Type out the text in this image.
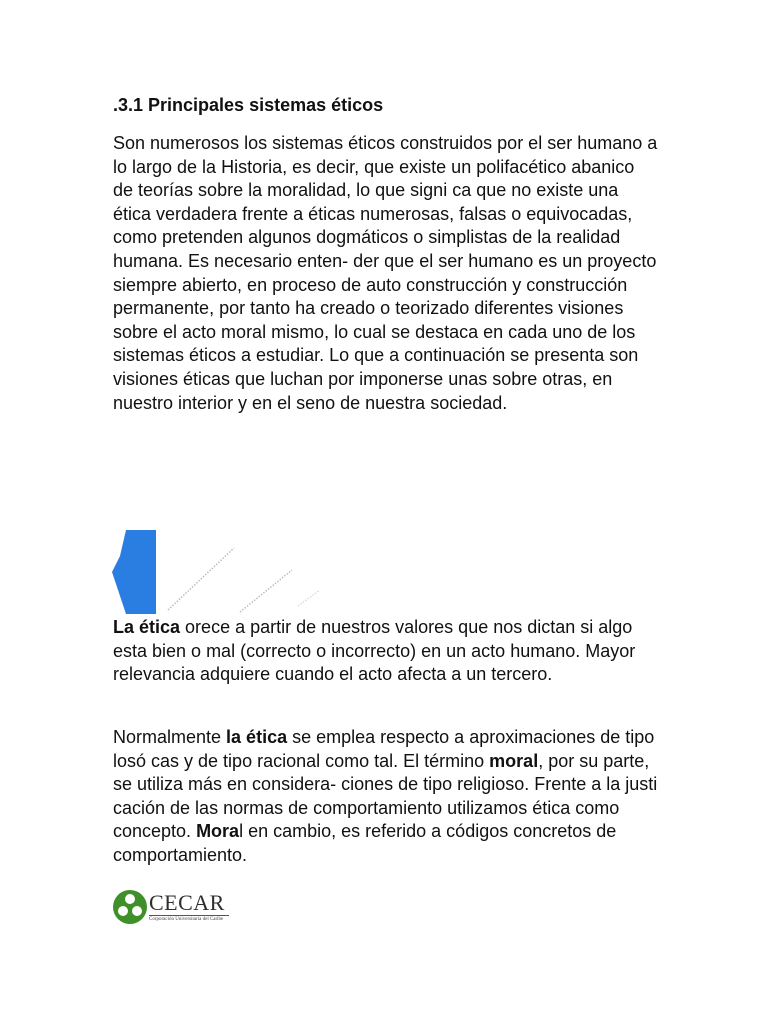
.3.1 Principales sistemas éticos

Son numerosos los sistemas éticos construidos por el ser humano a lo largo de la Historia, es decir, que existe un polifacético abanico de teorías sobre la moralidad, lo que signi ca que no existe una ética verdadera frente a éticas numerosas, falsas o equivocadas, como pretenden algunos dogmáticos o simplistas de la realidad humana. Es necesario enten- der que el ser humano es un proyecto siempre abierto, en proceso de auto construcción y construcción permanente, por tanto ha creado o teorizado diferentes visiones sobre el acto moral mismo, lo cual se destaca en cada uno de los sistemas éticos a estudiar. Lo que a continuación se presenta son visiones éticas que luchan por imponerse unas sobre otras, en nuestro interior y en el seno de nuestra sociedad.

La ética orece a partir de nuestros valores que nos dictan si algo esta bien o mal (correcto o incorrecto) en un acto humano. Mayor relevancia adquiere cuando el acto afecta a un tercero.

Normalmente la ética se emplea respecto a aproximaciones de tipo losó cas y de tipo racional como tal. El término moral, por su parte, se utiliza más en considera- ciones de tipo religioso. Frente a la justi cación de las normas de comportamiento utilizamos ética como concepto. Moral en cambio, es referido a códigos concretos de comportamiento.

CECAR
Corporación Universitaria del Caribe
